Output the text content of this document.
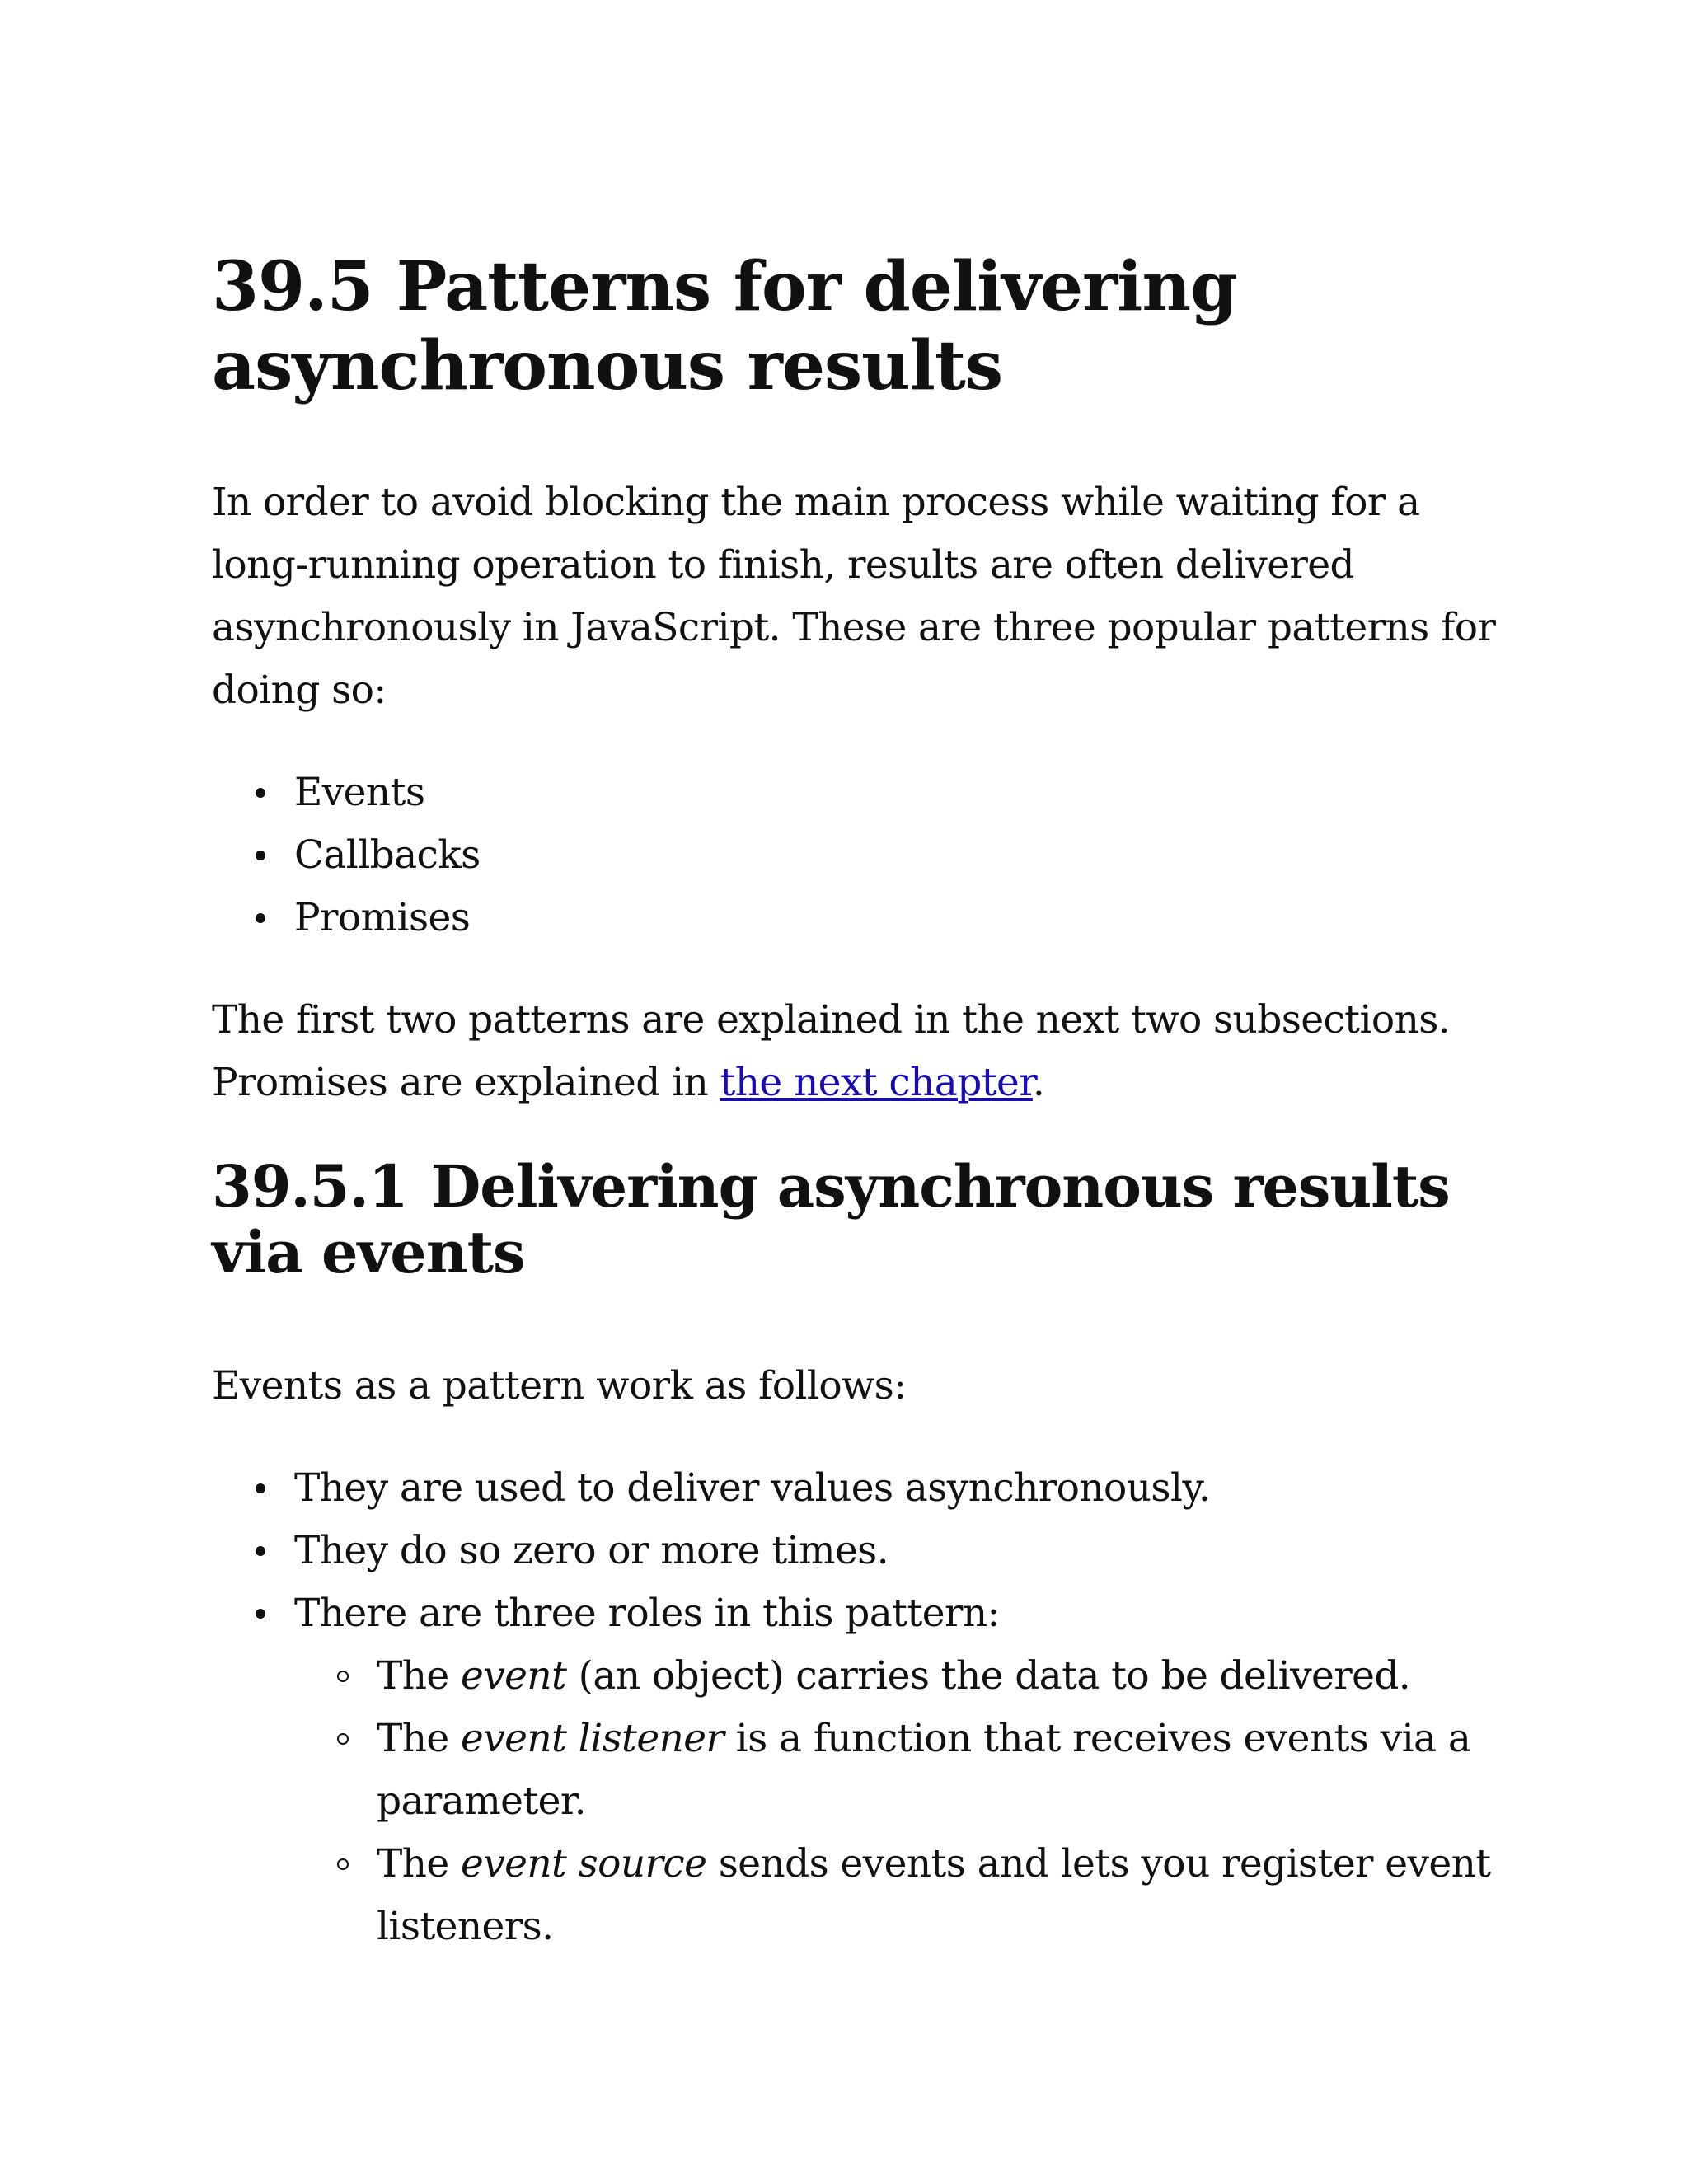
39.5 Patterns for delivering asynchronous results

In order to avoid blocking the main process while waiting for a long-running operation to finish, results are often delivered asynchronously in JavaScript. These are three popular patterns for doing so:

Events
Callbacks
Promises

The first two patterns are explained in the next two subsections. Promises are explained in the next chapter.

39.5.1 Delivering asynchronous results via events

Events as a pattern work as follows:

They are used to deliver values asynchronously.
They do so zero or more times.
There are three roles in this pattern:
The event (an object) carries the data to be delivered.
The event listener is a function that receives events via a parameter.
The event source sends events and lets you register event listeners.
